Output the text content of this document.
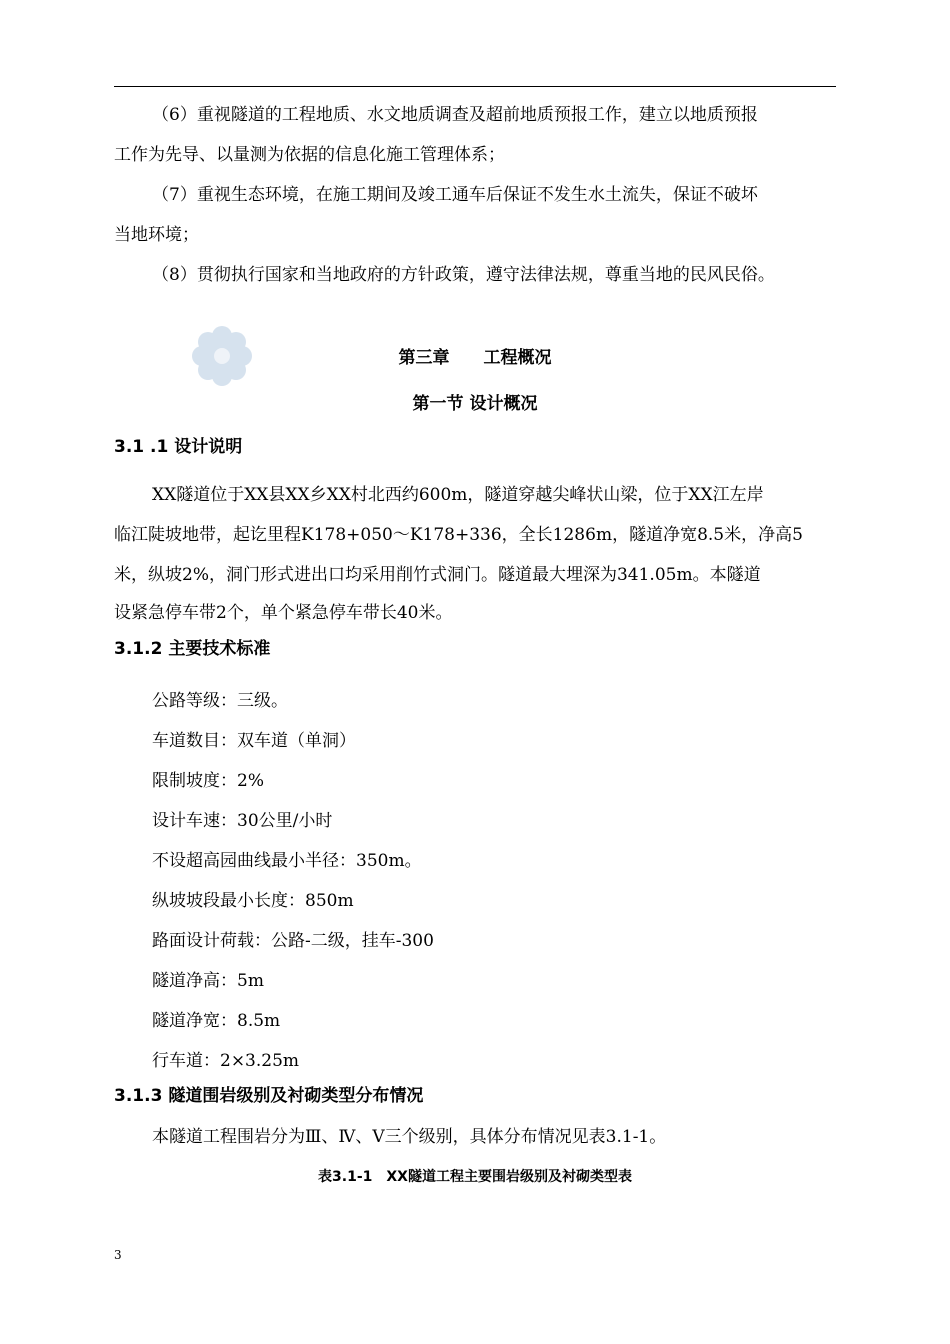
（6）重视隧道的工程地质、水文地质调查及超前地质预报工作，建立以地质预报
工作为先导、以量测为依据的信息化施工管理体系；
（7）重视生态环境，在施工期间及竣工通车后保证不发生水土流失，保证不破坏
当地环境；
（8）贯彻执行国家和当地政府的方针政策，遵守法律法规，尊重当地的民风民俗。
第三章　　工程概况
第一节 设计概况
3.1 .1 设计说明
XX隧道位于XX县XX乡XX村北西约600m，隧道穿越尖峰状山梁，位于XX江左岸
临江陡坡地带，起讫里程K178+050～K178+336，全长1286m，隧道净宽8.5米，净高5
米，纵坡2%，洞门形式进出口均采用削竹式洞门。隧道最大埋深为341.05m。本隧道
设紧急停车带2个，单个紧急停车带长40米。
3.1.2 主要技术标准
公路等级：三级。
车道数目：双车道（单洞）
限制坡度：2%
设计车速：30公里/小时
不设超高园曲线最小半径：350m。
纵坡坡段最小长度：850m
路面设计荷载：公路-二级，挂车-300
隧道净高：5m
隧道净宽：8.5m
行车道：2×3.25m
3.1.3 隧道围岩级别及衬砌类型分布情况
本隧道工程围岩分为Ⅲ、Ⅳ、Ⅴ三个级别，具体分布情况见表3.1-1。
表3.1-1　XX隧道工程主要围岩级别及衬砌类型表
3
